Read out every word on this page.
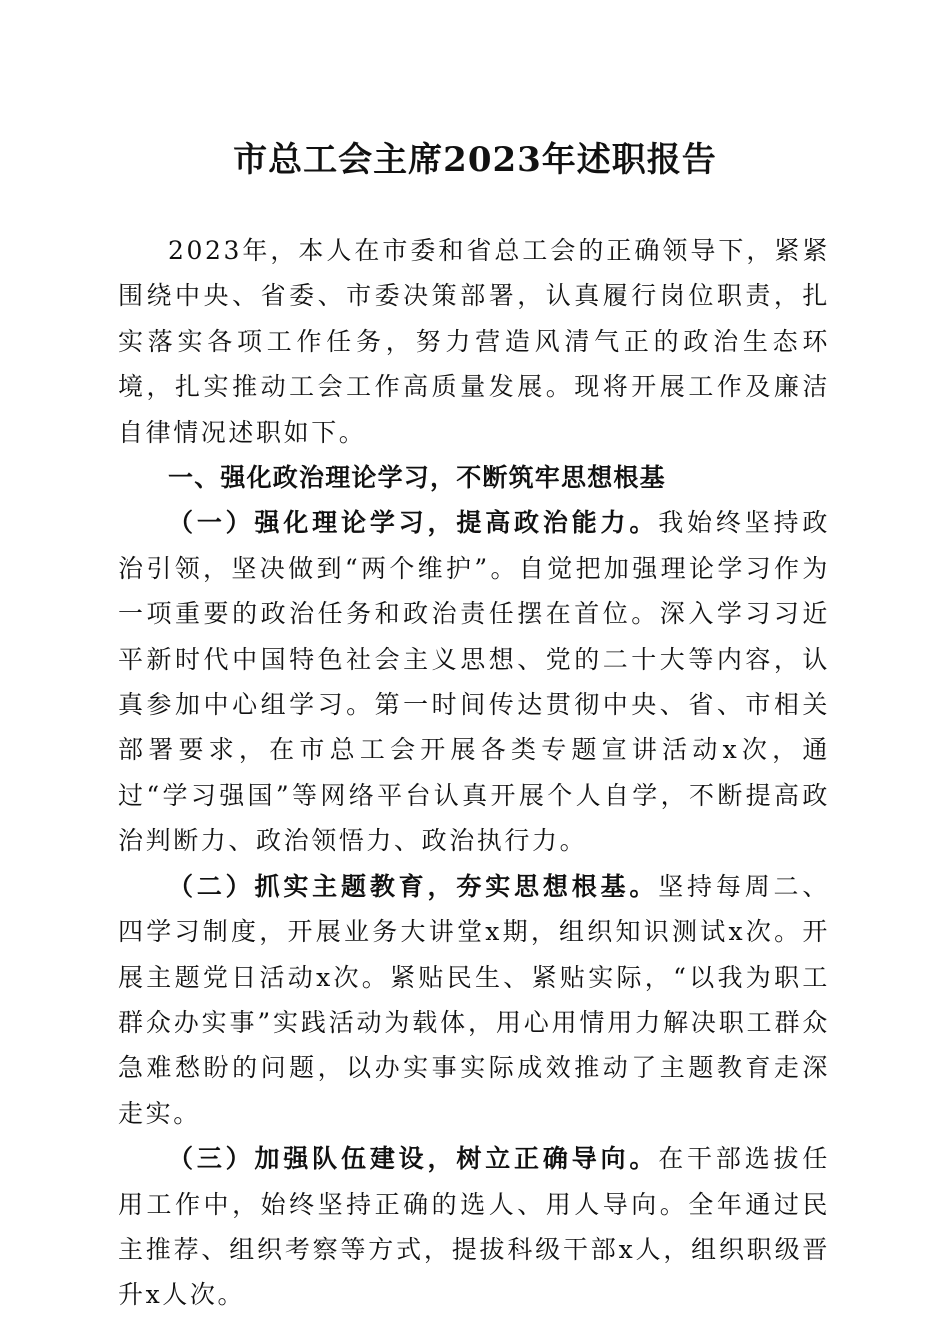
市总工会主席2023年述职报告

2023年，本人在市委和省总工会的正确领导下，紧紧围绕中央、省委、市委决策部署，认真履行岗位职责，扎实落实各项工作任务，努力营造风清气正的政治生态环境，扎实推动工会工作高质量发展。现将开展工作及廉洁自律情况述职如下。

一、强化政治理论学习，不断筑牢思想根基

（一）强化理论学习，提高政治能力。我始终坚持政治引领，坚决做到“两个维护”。自觉把加强理论学习作为一项重要的政治任务和政治责任摆在首位。深入学习习近平新时代中国特色社会主义思想、党的二十大等内容，认真参加中心组学习。第一时间传达贯彻中央、省、市相关部署要求，在市总工会开展各类专题宣讲活动x次，通过“学习强国”等网络平台认真开展个人自学，不断提高政治判断力、政治领悟力、政治执行力。

（二）抓实主题教育，夯实思想根基。坚持每周二、四学习制度，开展业务大讲堂x期，组织知识测试x次。开展主题党日活动x次。紧贴民生、紧贴实际，“以我为职工群众办实事”实践活动为载体，用心用情用力解决职工群众急难愁盼的问题，以办实事实际成效推动了主题教育走深走实。

（三）加强队伍建设，树立正确导向。在干部选拔任用工作中，始终坚持正确的选人、用人导向。全年通过民主推荐、组织考察等方式，提拔科级干部x人，组织职级晋升x人次。
